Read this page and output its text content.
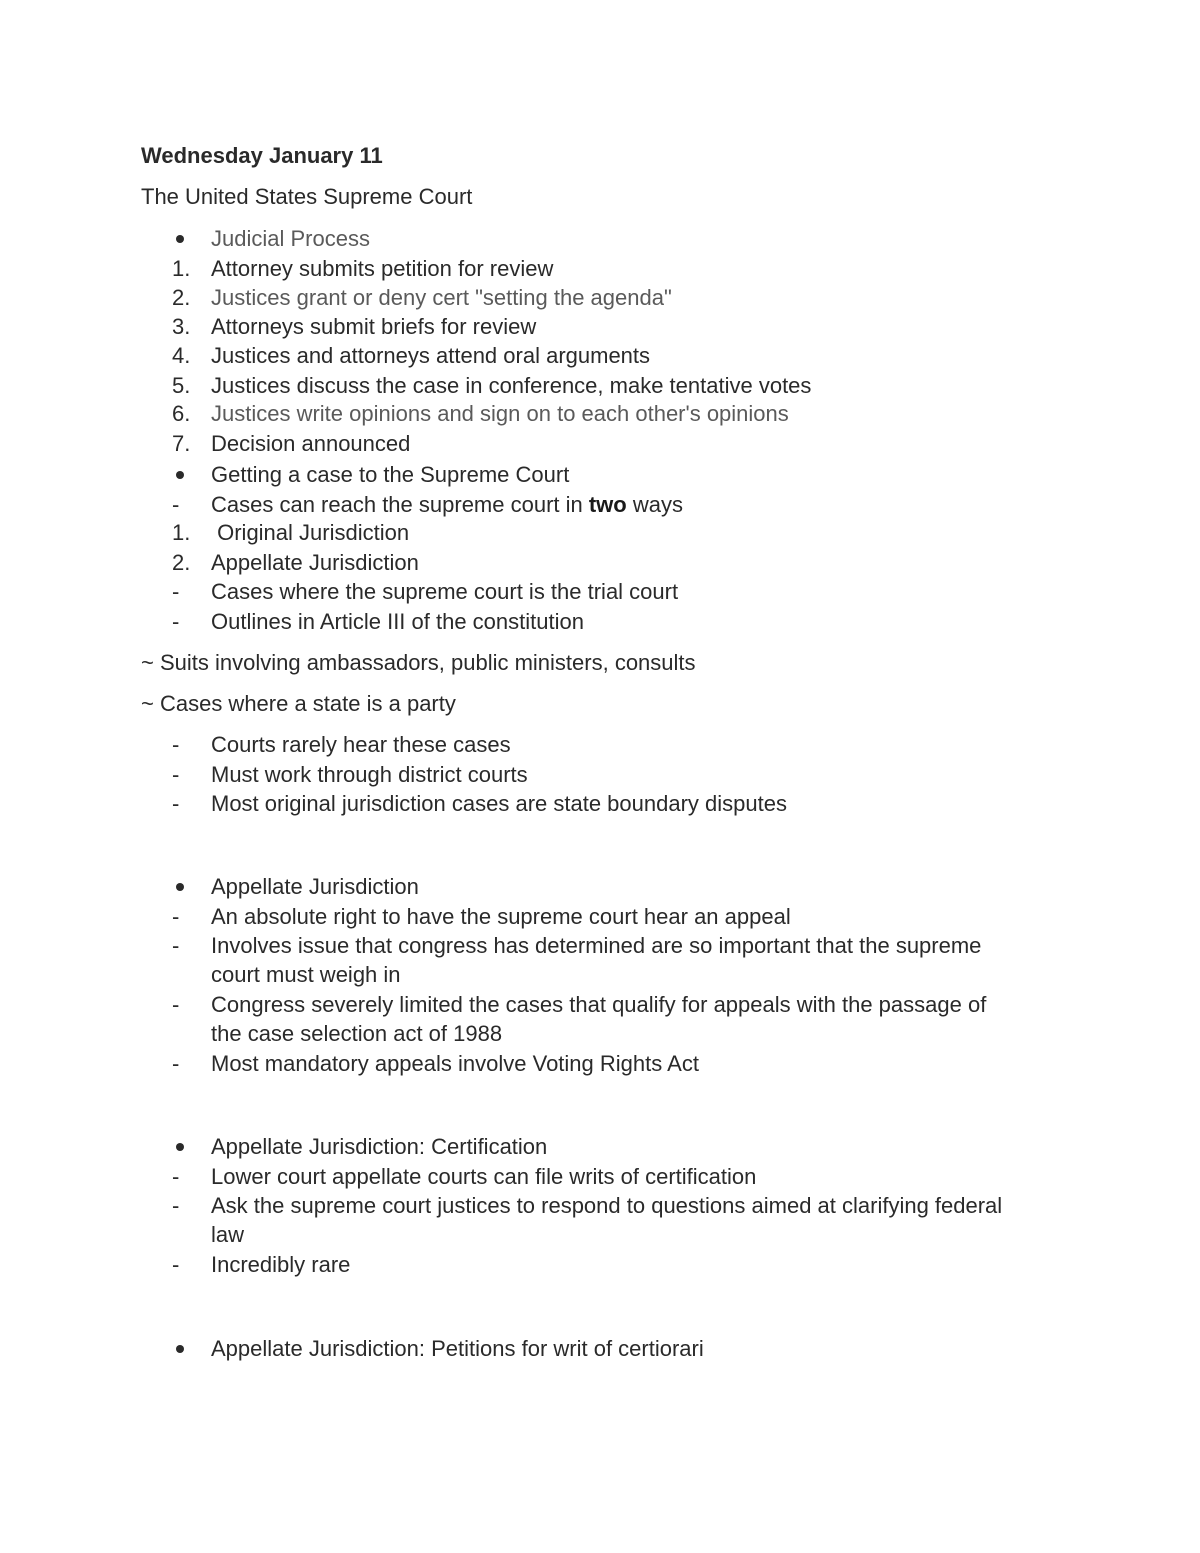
Wednesday January 11
The United States Supreme Court
Judicial Process
1. Attorney submits petition for review
2. Justices grant or deny cert "setting the agenda"
3. Attorneys submit briefs for review
4. Justices and attorneys attend oral arguments
5. Justices discuss the case in conference, make tentative votes
6. Justices write opinions and sign on to each other's opinions
7. Decision announced
Getting a case to the Supreme Court
-	Cases can reach the supreme court in two ways
1. Original Jurisdiction
2. Appellate Jurisdiction
-	Cases where the supreme court is the trial court
-	Outlines in Article III of the constitution
~ Suits involving ambassadors, public ministers, consults
~ Cases where a state is a party
-	Courts rarely hear these cases
-	Must work through district courts
-	Most original jurisdiction cases are state boundary disputes
Appellate Jurisdiction
-	An absolute right to have the supreme court hear an appeal
-	Involves issue that congress has determined are so important that the supreme
court must weigh in
-	Congress severely limited the cases that qualify for appeals with the passage of
the case selection act of 1988
-	Most mandatory appeals involve Voting Rights Act
Appellate Jurisdiction: Certification
-	Lower court appellate courts can file writs of certification
-	Ask the supreme court justices to respond to questions aimed at clarifying federal
law
-	Incredibly rare
Appellate Jurisdiction: Petitions for writ of certiorari
